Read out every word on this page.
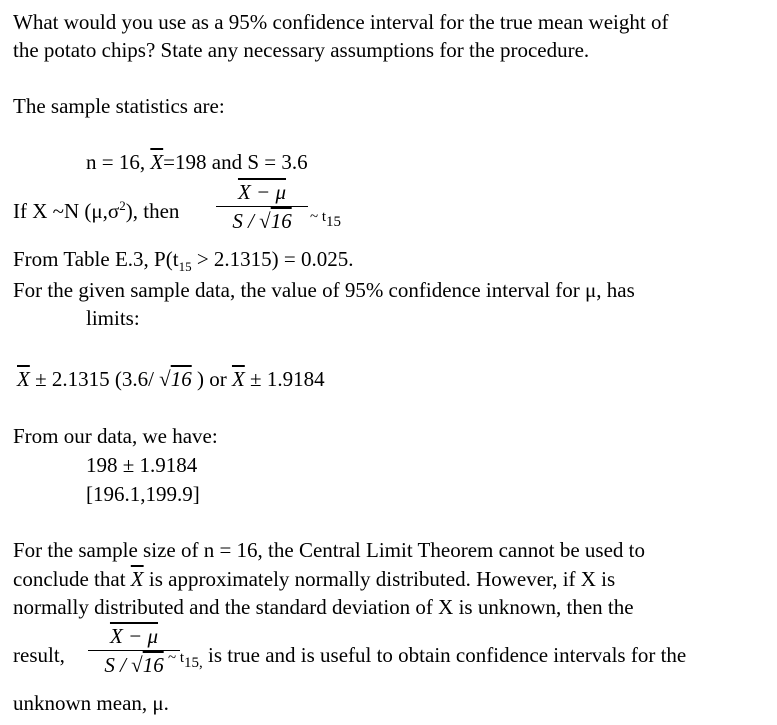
What would you use as a 95% confidence interval for the true mean weight of
the potato chips? State any necessary assumptions for the procedure.
The sample statistics are:
n = 16, $\overline{X}=198$ and S = 3.6
If X ~N $(\mu,\sigma^2)$, then
X − μ
S / √16	~ $t_{15}$
From Table E.3, $P(t_{15} > 2.1315) = 0.025$.
For the given sample data, the value of 95% confidence interval for μ, has
limits:
$\overline{X} \pm 2.1315$ (3.6/ √16 ) or $\overline{X} \pm 1.9184$
From our data, we have:
198 ± 1.9184
[196.1,199.9]
For the sample size of n = 16, the Central Limit Theorem cannot be used to
conclude that $\overline{X}$ is approximately normally distributed. However, if X is
normally distributed and the standard deviation of X is unknown, then the
result,
X − μ
S / √16 ~ $t_{15,}$ is true and is useful to obtain confidence intervals for the
unknown mean, μ.
